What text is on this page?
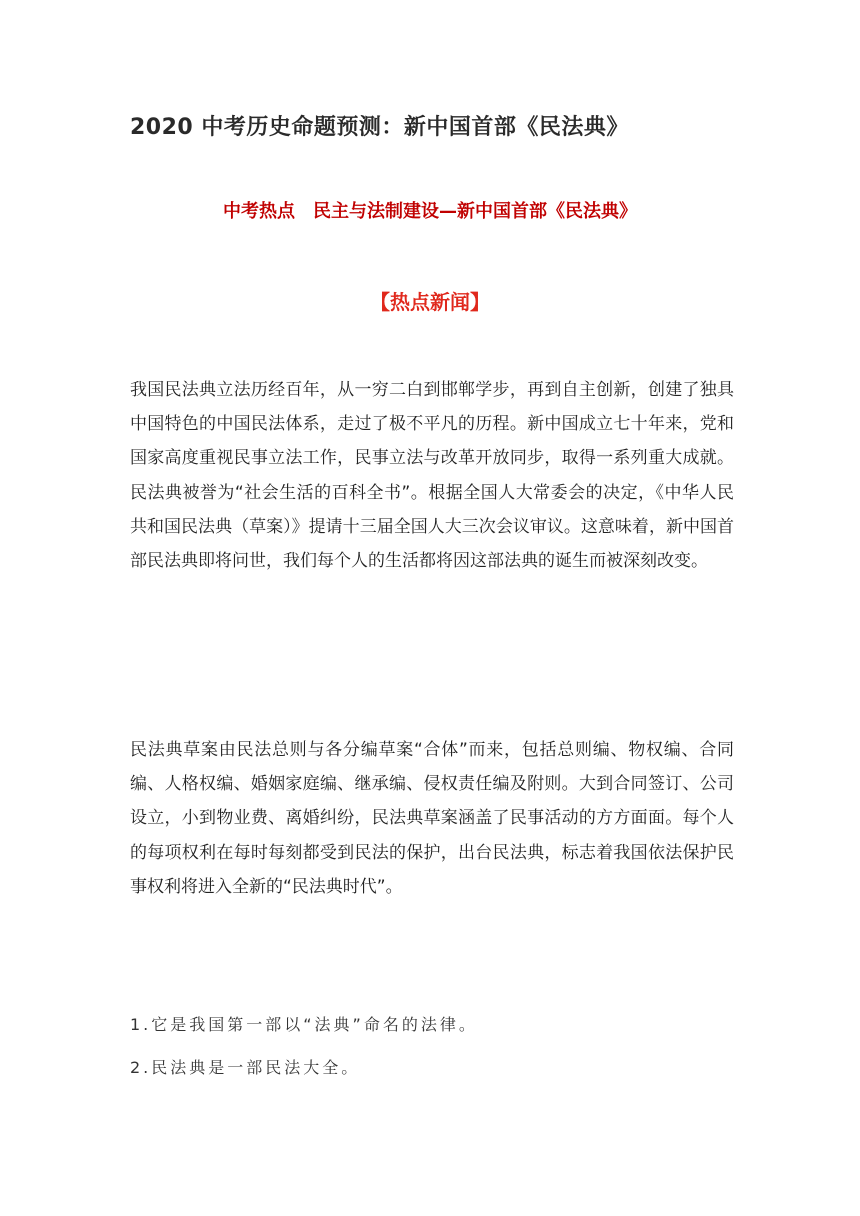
2020 中考历史命题预测：新中国首部《民法典》
中考热点　民主与法制建设—新中国首部《民法典》
【热点新闻】
我国民法典立法历经百年，从一穷二白到邯郸学步，再到自主创新，创建了独具中国特色的中国民法体系，走过了极不平凡的历程。新中国成立七十年来，党和国家高度重视民事立法工作，民事立法与改革开放同步，取得一系列重大成就。民法典被誉为“社会生活的百科全书”。根据全国人大常委会的决定，《中华人民共和国民法典（草案）》提请十三届全国人大三次会议审议。这意味着，新中国首部民法典即将问世，我们每个人的生活都将因这部法典的诞生而被深刻改变。
民法典草案由民法总则与各分编草案“合体”而来，包括总则编、物权编、合同编、人格权编、婚姻家庭编、继承编、侵权责任编及附则。大到合同签订、公司设立，小到物业费、离婚纠纷，民法典草案涵盖了民事活动的方方面面。每个人的每项权利在每时每刻都受到民法的保护，出台民法典，标志着我国依法保护民事权利将进入全新的“民法典时代”。
1.它是我国第一部以“法典”命名的法律。
2.民法典是一部民法大全。
